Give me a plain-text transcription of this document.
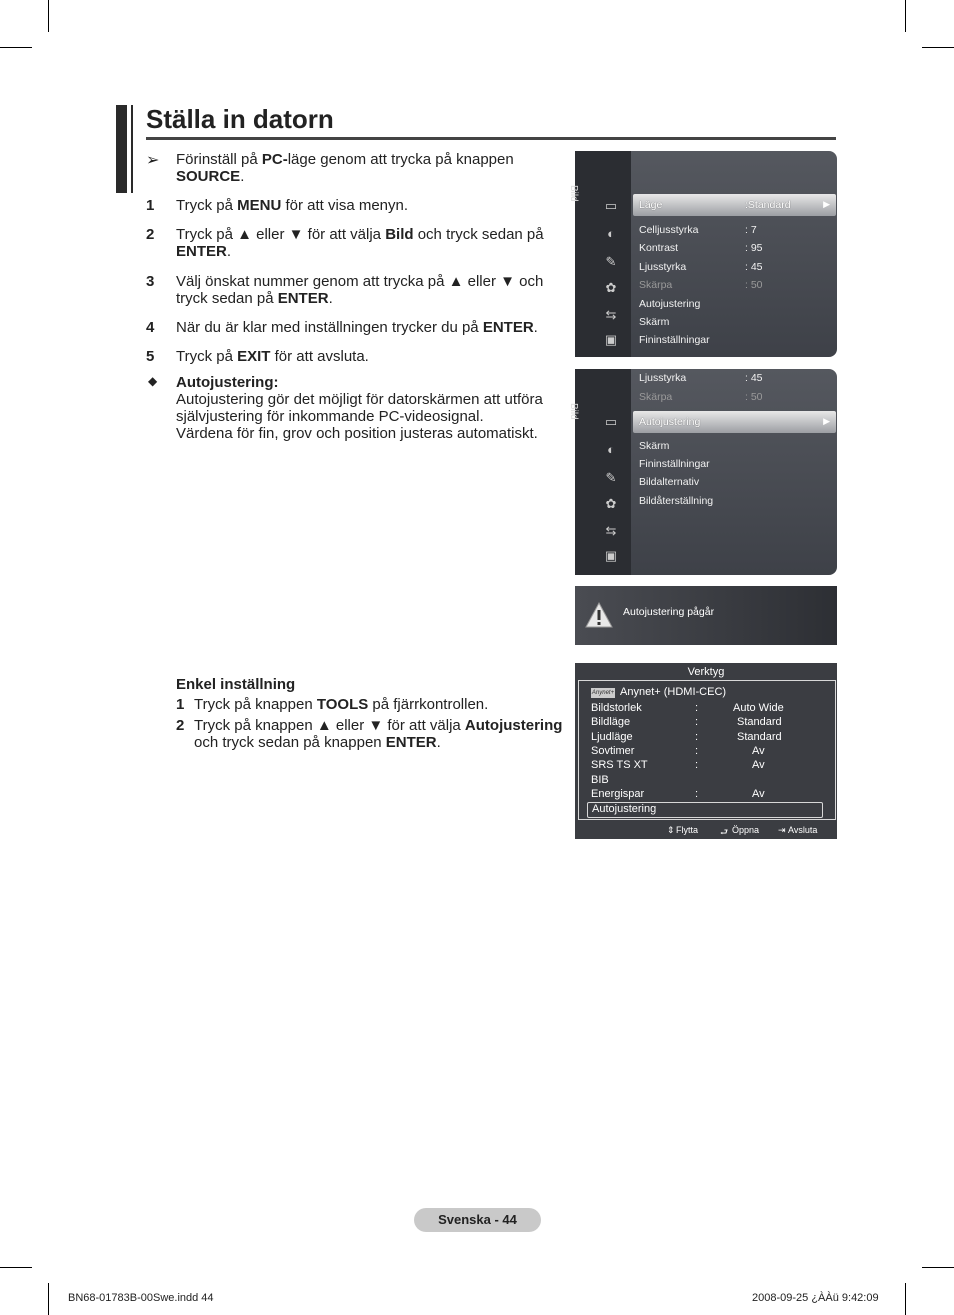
Ställa in datorn
➢ Förinställ på PC-läge genom att trycka på knappen
SOURCE.
1 Tryck på MENU för att visa menyn.
2 Tryck på ▲ eller ▼ för att välja Bild och tryck sedan på
ENTER.
3 Välj önskat nummer genom att trycka på ▲ eller ▼ och
tryck sedan på ENTER.
4 När du är klar med inställningen trycker du på ENTER.
5 Tryck på EXIT för att avsluta.
◆ Autojustering:
Autojustering gör det möjligt för datorskärmen att utföra
självjustering för inkommande PC-videosignal.
Värdena för fin, grov och position justeras automatiskt.
Enkel inställning
1 Tryck på knappen TOOLS på fjärrkontrollen.
2 Tryck på knappen ▲ eller ▼ för att välja Autojustering
och tryck sedan på knappen ENTER.
Bild
▭
◐
✎
✿
⇆
▣
Läge	:Standard	▶
Celljusstyrka	: 7
Kontrast	: 95
Ljusstyrka	: 45
Skärpa	: 50
Autojustering
Skärm
Fininställningar
Bild
▭
◐
✎
✿
⇆
▣
Ljusstyrka	: 45
Skärpa	: 50
Autojustering	▶
Skärm
Fininställningar
Bildalternativ
Bildåterställning
Autojustering pågår
Verktyg
Anynet+ Anynet+ (HDMI-CEC)
Bildstorlek	:	Auto Wide
Bildläge	:	Standard
Ljudläge	:	Standard
Sovtimer	:	Av
SRS TS XT	:	Av
BIB
Energispar	:	Av
Autojustering
⇕ Flytta ⮐ Öppna ⇥ Avsluta
Svenska - 44
BN68-01783B-00Swe.indd 44	2008-09-25 ¿ÀÀü 9:42:09
